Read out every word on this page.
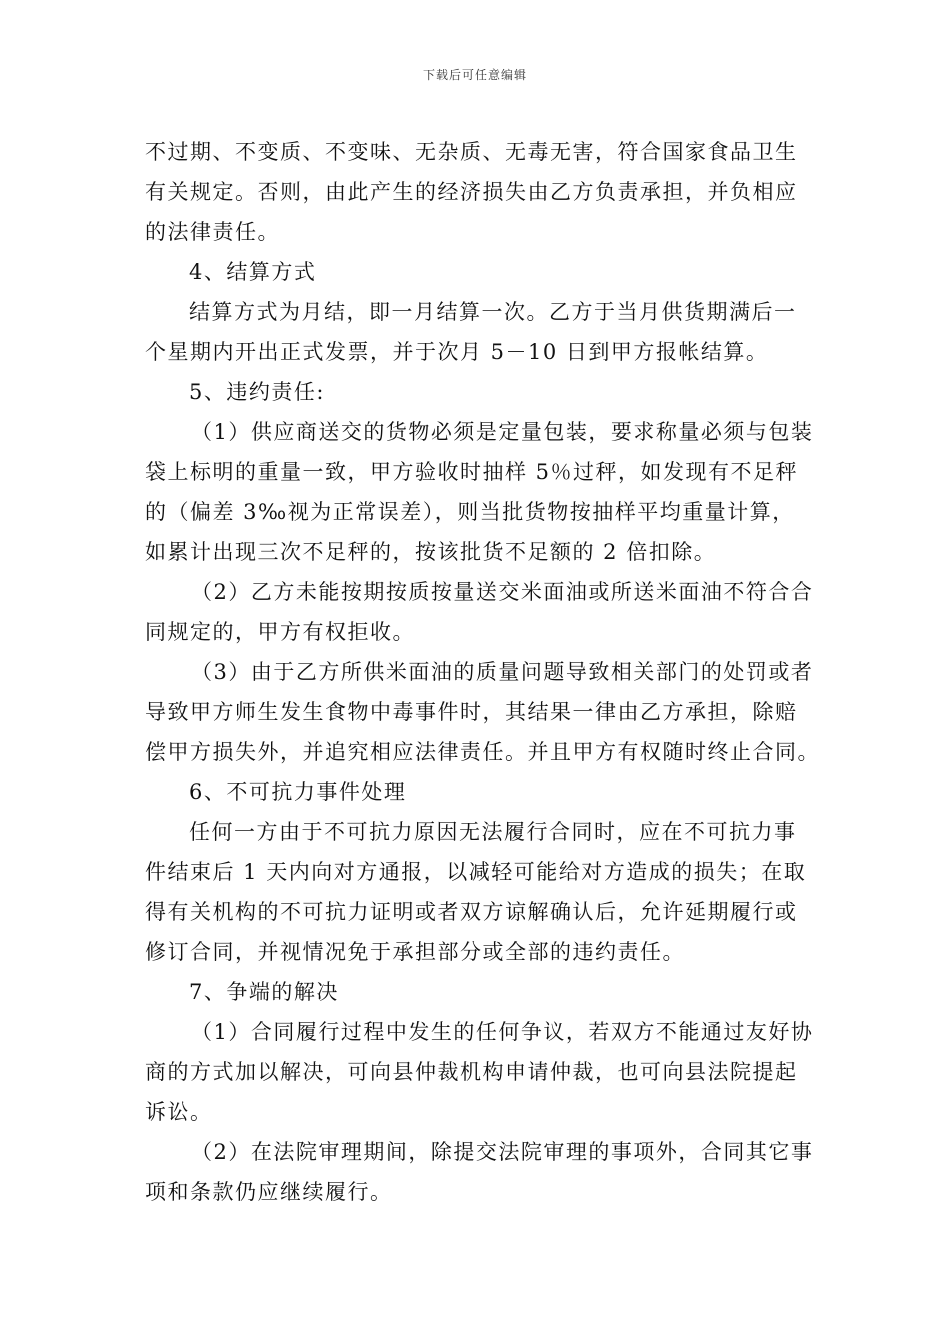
下载后可任意编辑
不过期、不变质、不变味、无杂质、无毒无害，符合国家食品卫生
有关规定。否则，由此产生的经济损失由乙方负责承担，并负相应
的法律责任。
4、结算方式
结算方式为月结，即一月结算一次。乙方于当月供货期满后一
个星期内开出正式发票，并于次月 5－10 日到甲方报帐结算。
5、违约责任:
（1）供应商送交的货物必须是定量包装，要求称量必须与包装
袋上标明的重量一致，甲方验收时抽样 5％过秤，如发现有不足秤
的（偏差 3‰视为正常误差），则当批货物按抽样平均重量计算，
如累计出现三次不足秤的，按该批货不足额的 2 倍扣除。
（2）乙方未能按期按质按量送交米面油或所送米面油不符合合
同规定的，甲方有权拒收。
（3）由于乙方所供米面油的质量问题导致相关部门的处罚或者
导致甲方师生发生食物中毒事件时，其结果一律由乙方承担，除赔
偿甲方损失外，并追究相应法律责任。并且甲方有权随时终止合同。
6、不可抗力事件处理
任何一方由于不可抗力原因无法履行合同时，应在不可抗力事
件结束后 1 天内向对方通报，以减轻可能给对方造成的损失；在取
得有关机构的不可抗力证明或者双方谅解确认后，允许延期履行或
修订合同，并视情况免于承担部分或全部的违约责任。
7、争端的解决
（1）合同履行过程中发生的任何争议，若双方不能通过友好协
商的方式加以解决，可向县仲裁机构申请仲裁，也可向县法院提起
诉讼。
（2）在法院审理期间，除提交法院审理的事项外，合同其它事
项和条款仍应继续履行。
